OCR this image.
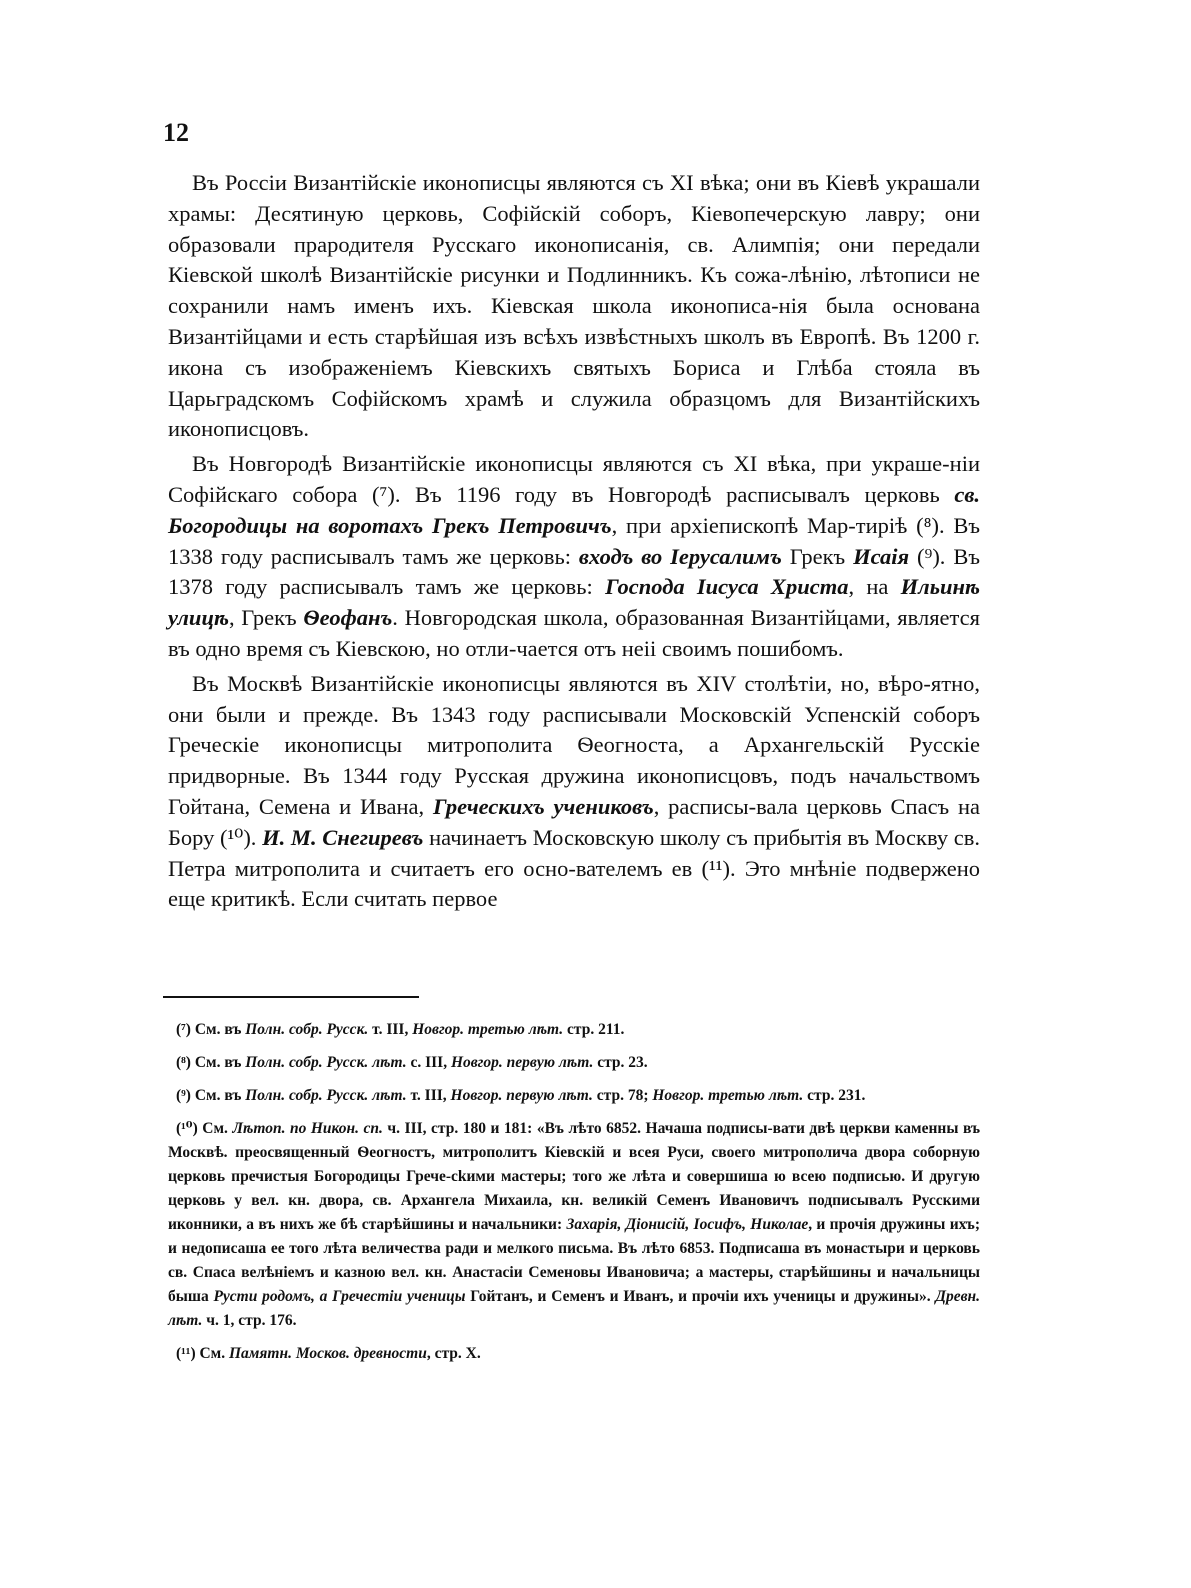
12

Въ Россіи Византійскіе иконописцы являются съ XI вѣка; они въ Кіевѣ украшали храмы: Десятиную церковь, Софійскій соборъ, Кіевопечерскую лавру; они образовали прародителя Русскаго иконописанія, св. Алимпія; они передали Кіевской школѣ Византійскіе рисунки и Подлинникъ. Къ сожа-лѣнію, лѣтописи не сохранили намъ именъ ихъ. Кіевская школа иконописа-нія была основана Византійцами и есть старѣйшая изъ всѣхъ извѣстныхъ школъ въ Европѣ. Въ 1200 г. икона съ изображеніемъ Кіевскихъ святыхъ Бориса и Глѣба стояла въ Царьградскомъ Софійскомъ храмѣ и служила образцомъ для Византійскихъ иконописцовъ.

Въ Новгородѣ Византійскіе иконописцы являются съ XI вѣка, при украше-ніи Софійскаго собора (⁷). Въ 1196 году въ Новгородѣ расписывалъ церковь св. Богородицы на воротахъ Грекъ Петровичъ, при архіепископѣ Мар-тиріѣ (⁸). Въ 1338 году расписывалъ тамъ же церковь: входъ во Іерусалимъ Грекъ Исаія (⁹). Въ 1378 году расписывалъ тамъ же церковь: Господа Іисуса Христа, на Ильинѣ улицѣ, Грекъ Ѳеофанъ. Новгородская школа, образованная Византійцами, является въ одно время съ Кіевскою, но отли-чается отъ неіі своимъ пошибомъ.

Въ Москвѣ Византійскіе иконописцы являются въ XIV столѣтіи, но, вѣро-ятно, они были и прежде. Въ 1343 году расписывали Московскій Успенскій соборъ Греческіе иконописцы митрополита Ѳеогноста, а Архангельскій Русскіе придворные. Въ 1344 году Русская дружина иконописцовъ, подъ начальствомъ Гойтана, Семена и Ивана, Греческихъ учениковъ, расписы-вала церковь Спасъ на Бору (¹⁰). И. М. Снегиревъ начинаетъ Московскую школу съ прибытія въ Москву св. Петра митрополита и считаетъ его осно-вателемъ ев (¹¹). Это мнѣніе подвержено еще критикѣ. Если считать первое

(⁷) См. въ Полн. собр. Русск. т. III, Новгор. третью лѣт. стр. 211.

(⁸) См. въ Полн. собр. Русск. лѣт. с. III, Новгор. первую лѣт. стр. 23.

(⁹) См. въ Полн. собр. Русск. лѣт. т. III, Новгор. первую лѣт. стр. 78; Новгор. третью лѣт. стр. 231.

(¹⁰) См. Лѣтоп. по Никон. сп. ч. III, стр. 180 и 181: «Въ лѣто 6852. Начаша подписы-вати двѣ церкви каменны въ Москвѣ. преосвященный Ѳеогностъ, митрополитъ Кіевскій и всея Руси, своего митрополича двора соборную церковь пречистыя Богородицы Грече-ckими мастеры; того же лѣта и совершиша ю всею подписью. И другую церковь у вел. кн. двора, св. Архангела Михаила, кн. великій Семенъ Ивановичъ подписывалъ Русскими иконники, а въ нихъ же бѣ старѣйшины и начальники: Захарія, Діонисій, Іосифъ, Николае, и прочiя дружины ихъ; и недописаша ее того лѣта величества ради и мелкого письма. Въ лѣто 6853. Подписаша въ монастыри и церковь св. Спаса велѣніемъ и казною вел. кн. Анастасіи Семеновы Ивановича; а мастеры, старѣйшины и начальницы быша Русти родомъ, а Гречестіи ученицы Гойтанъ, и Семенъ и Иванъ, и прочіи ихъ ученицы и дружины». Древн. лѣт. ч. 1, стр. 176.

(¹¹) См. Памятн. Москов. древности, стр. X.
